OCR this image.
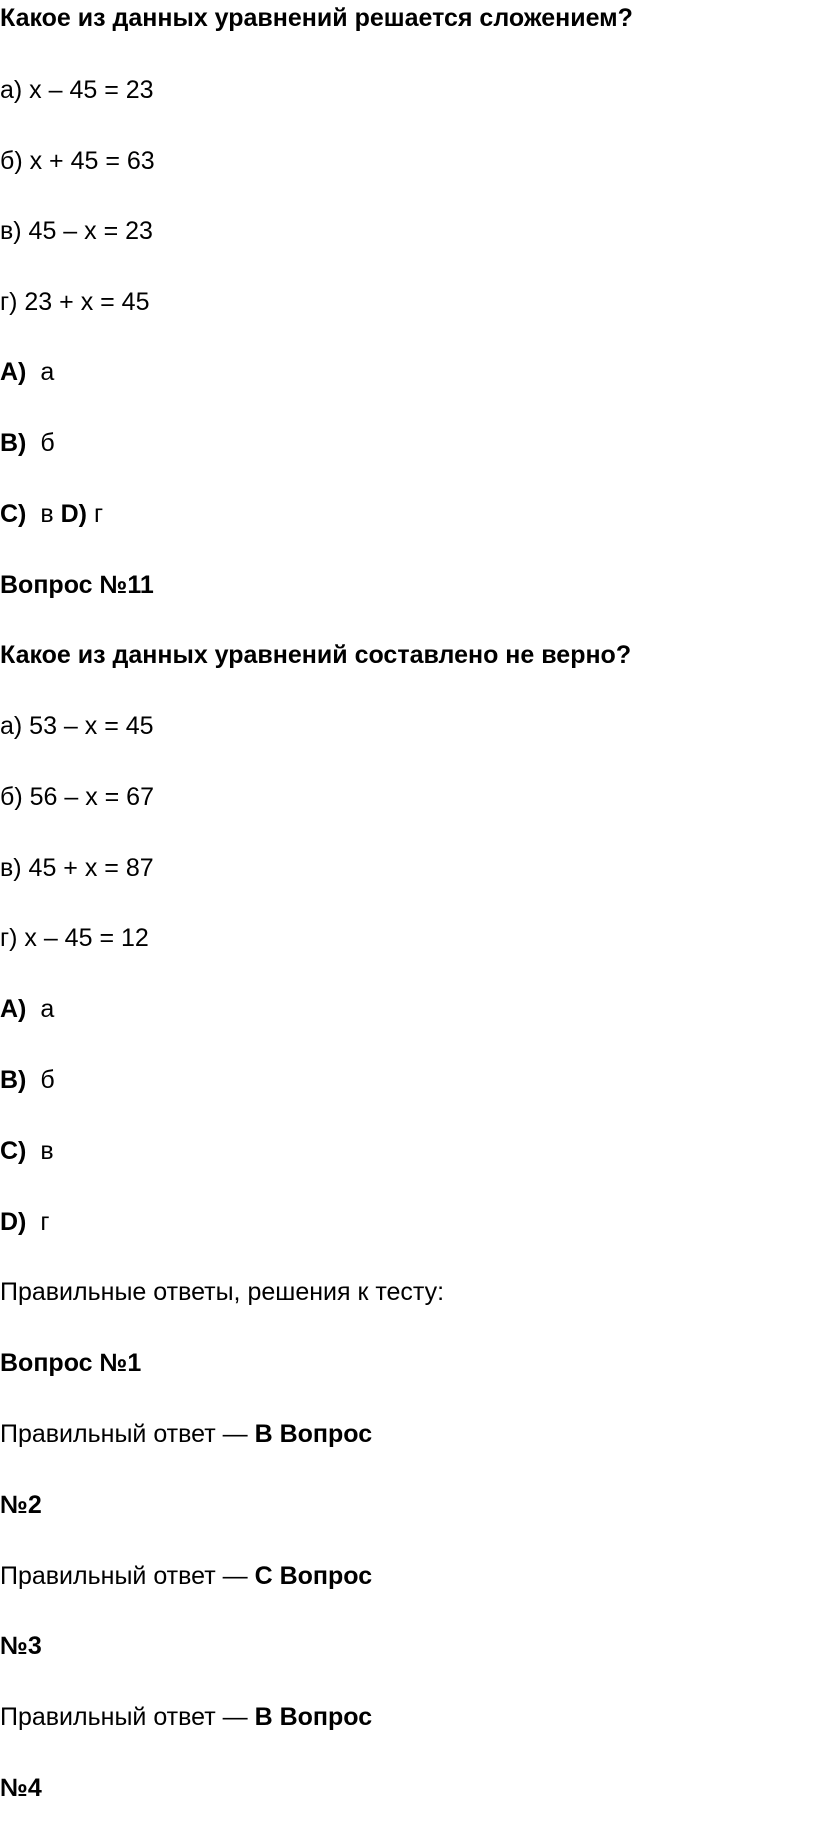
Какое из данных уравнений решается сложением?
а) x – 45 = 23
б) x + 45 = 63
в) 45 – x = 23
г) 23 + x = 45
А) а
В) б
С) в D) г
Вопрос №11
Какое из данных уравнений составлено не верно?
а) 53 – x = 45
б) 56 – x = 67
в) 45 + x = 87
г) x – 45 = 12
А) а
В) б
С) в
D) г
Правильные ответы, решения к тесту:
Вопрос №1
Правильный ответ — В Вопрос
№2
Правильный ответ — С Вопрос
№3
Правильный ответ — В Вопрос
№4
